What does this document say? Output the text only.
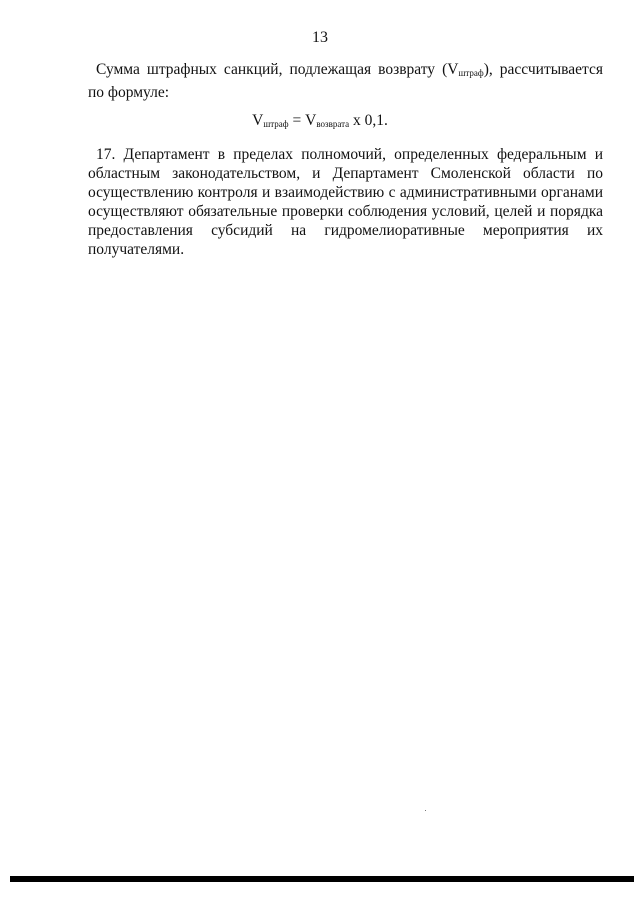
13
Сумма штрафных санкций, подлежащая возврату $(V_{штраф})$, рассчитывается по формуле:
$V_{штраф} = V_{возврата}$ x 0,1.
17. Департамент в пределах полномочий, определенных федеральным и областным законодательством, и Департамент Смоленской области по осуществлению контроля и взаимодействию с административными органами осуществляют обязательные проверки соблюдения условий, целей и порядка предоставления субсидий на гидромелиоративные мероприятия их получателями.
